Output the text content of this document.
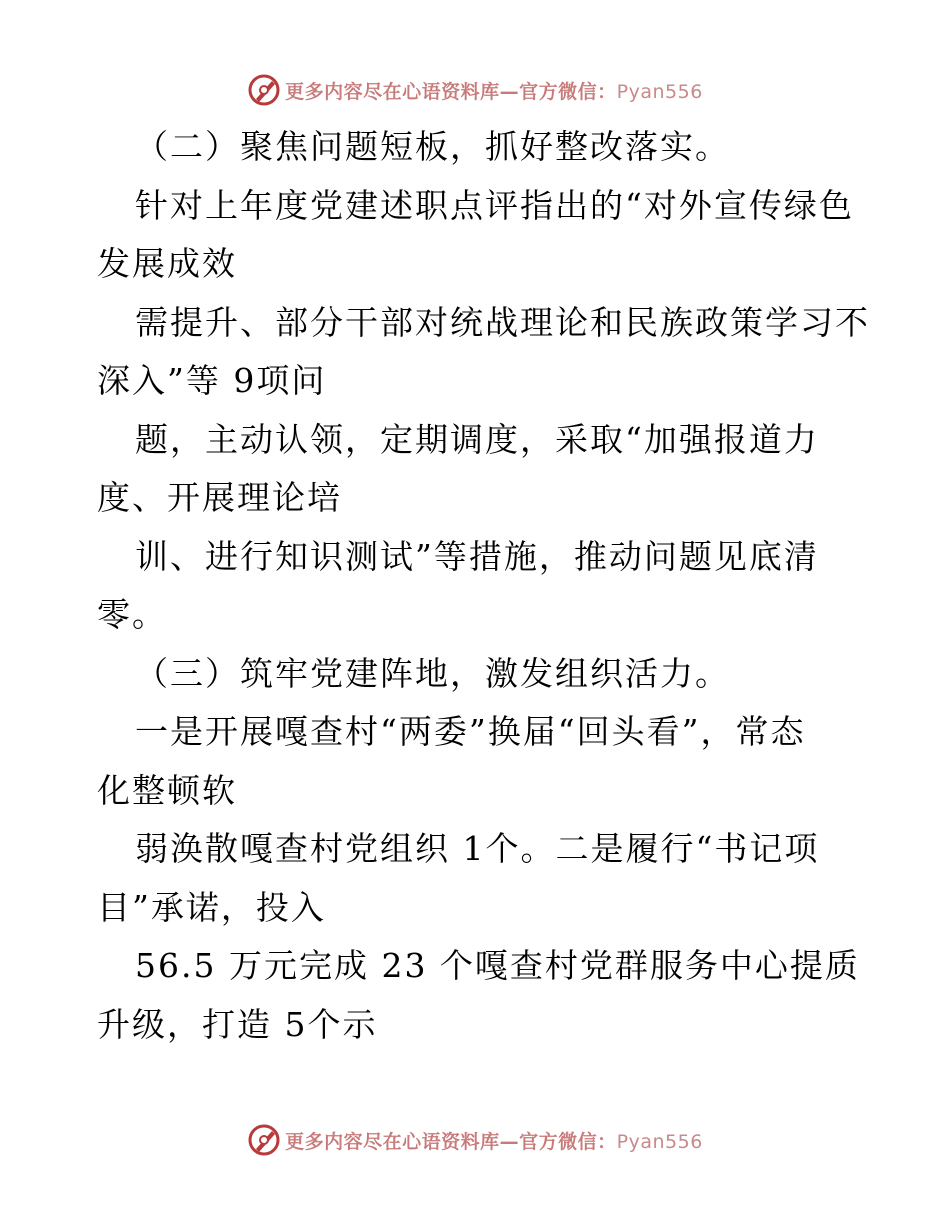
更多内容尽在心语资料库—官方微信：Pyan556
（二）聚焦问题短板，抓好整改落实。
针对上年度党建述职点评指出的“对外宣传绿色
发展成效
需提升、部分干部对统战理论和民族政策学习不
深入”等 9项问
题，主动认领，定期调度，采取“加强报道力
度、开展理论培
训、进行知识测试”等措施，推动问题见底清
零。
（三）筑牢党建阵地，激发组织活力。
一是开展嘎查村“两委”换届“回头看”，常态
化整顿软
弱涣散嘎查村党组织 1个。二是履行“书记项
目”承诺，投入
56.5 万元完成 23 个嘎查村党群服务中心提质
升级，打造 5个示
更多内容尽在心语资料库—官方微信：Pyan556
